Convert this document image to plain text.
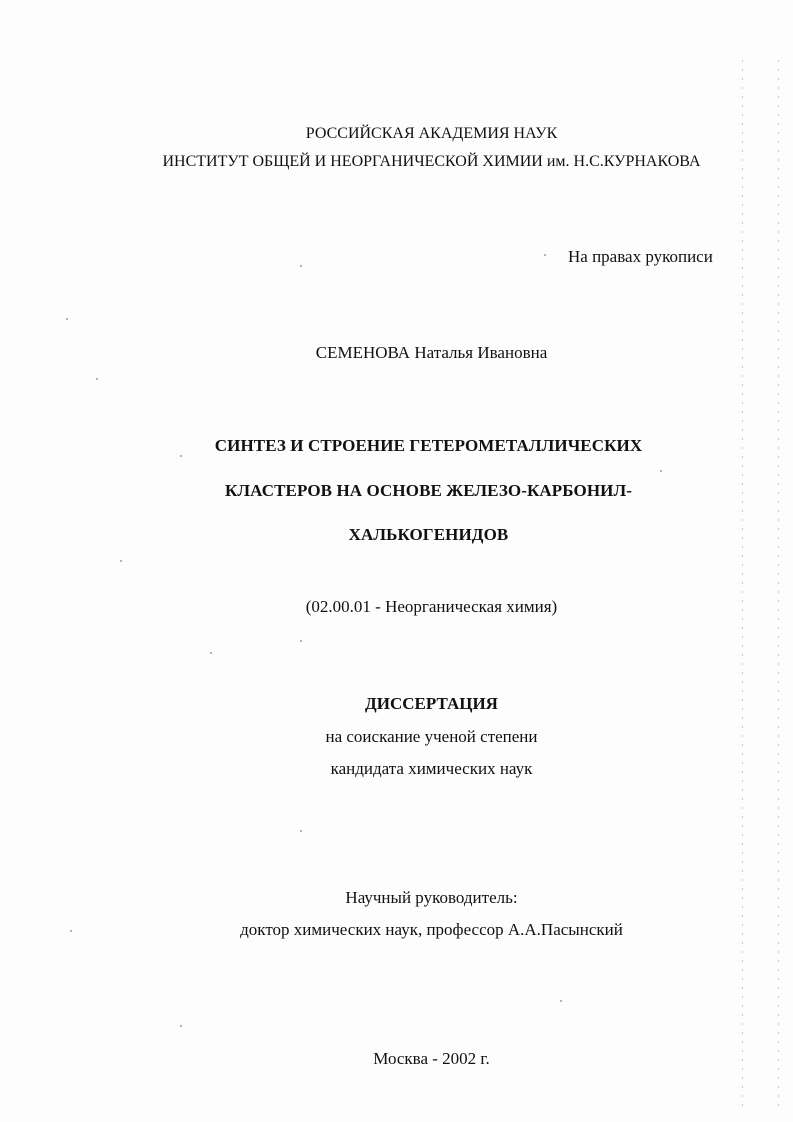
РОССИЙСКАЯ АКАДЕМИЯ НАУК
ИНСТИТУТ ОБЩЕЙ И НЕОРГАНИЧЕСКОЙ ХИМИИ им. Н.С.КУРНАКОВА
На правах рукописи
СЕМЕНОВА Наталья Ивановна
СИНТЕЗ И СТРОЕНИЕ ГЕТЕРОМЕТАЛЛИЧЕСКИХ
КЛАСТЕРОВ НА ОСНОВЕ ЖЕЛЕЗО-КАРБОНИЛ-
ХАЛЬКОГЕНИДОВ
(02.00.01 - Неорганическая химия)
ДИССЕРТАЦИЯ
на соискание ученой степени
кандидата химических наук
Научный руководитель:
доктор химических наук, профессор А.А.Пасынский
Москва - 2002 г.
